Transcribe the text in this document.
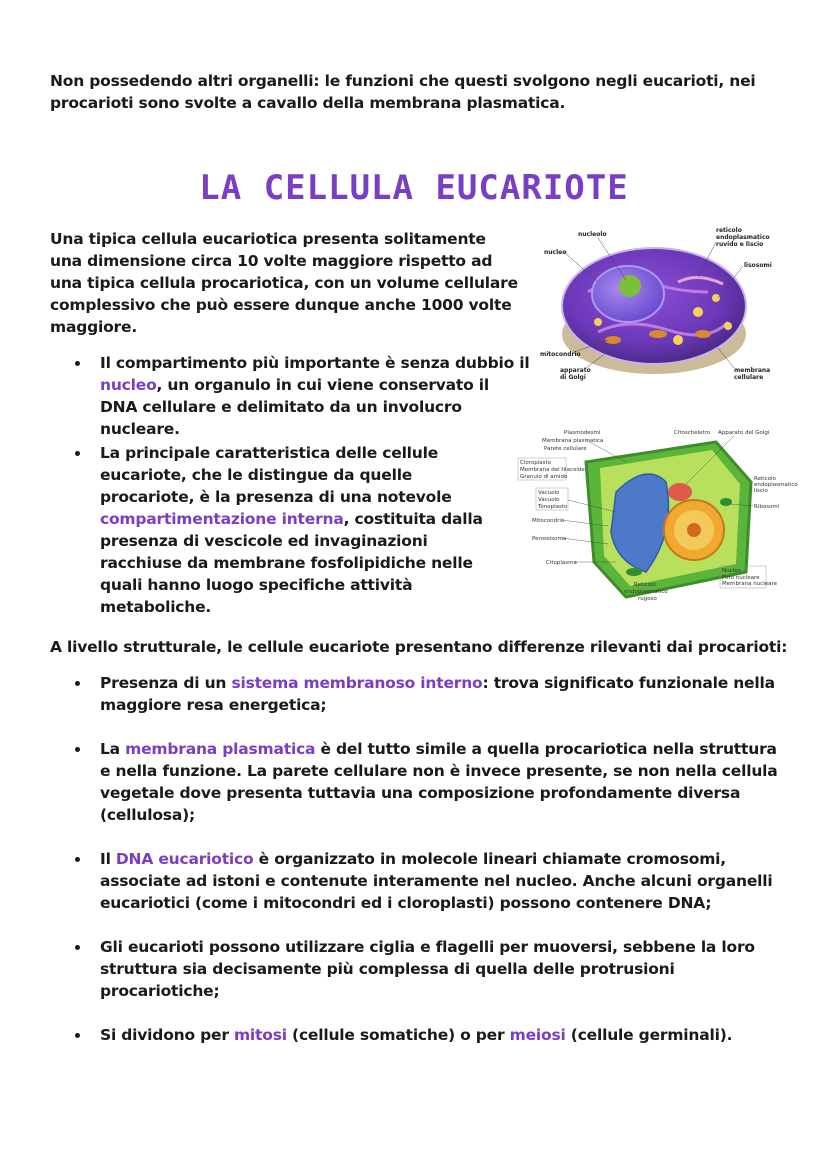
Non possedendo altri organelli: le funzioni che questi svolgono negli eucarioti, nei procarioti sono svolte a cavallo della membrana plasmatica.
LA CELLULA EUCARIOTE
Una tipica cellula eucariotica presenta solitamente una dimensione circa 10 volte maggiore rispetto ad una tipica cellula procariotica, con un volume cellulare complessivo che può essere dunque anche 1000 volte maggiore.
Il compartimento più importante è senza dubbio il nucleo, un organulo in cui viene conservato il DNA cellulare e delimitato da un involucro nucleare.
La principale caratteristica delle cellule eucariote, che le distingue da quelle procariote, è la presenza di una notevole compartimentazione interna, costituita dalla presenza di vescicole ed invaginazioni racchiuse da membrane fosfolipidiche nelle quali hanno luogo specifiche attività metaboliche.
nucleolo
nucleo
reticolo
endoplasmatico
ruvido e liscio
lisosomi
mitocondrio
apparato
di Golgi
membrana
cellulare
Plasmodesmi
Membrana plasmatica
Parete cellulare
Cloroplasto
Membrana del tilacoide
Granulo di amido
Vacuolo
Vacuolo
Tonoplasto
Mitocondrio
Perossisoma
Citoplasma
Citoscheletro Apparato del Golgi
Reticolo
endoplasmatico
liscio
Ribosomi
Nucleo
Poro nucleare
Membrana nucleare
Reticolo
endoplasmatico
rugoso
A livello strutturale, le cellule eucariote presentano differenze rilevanti dai procarioti:
Presenza di un sistema membranoso interno: trova significato funzionale nella maggiore resa energetica;
La membrana plasmatica è del tutto simile a quella procariotica nella struttura e nella funzione. La parete cellulare non è invece presente, se non nella cellula vegetale dove presenta tuttavia una composizione profondamente diversa (cellulosa);
Il DNA eucariotico è organizzato in molecole lineari chiamate cromosomi, associate ad istoni e contenute interamente nel nucleo. Anche alcuni organelli eucariotici (come i mitocondri ed i cloroplasti) possono contenere DNA;
Gli eucarioti possono utilizzare ciglia e flagelli per muoversi, sebbene la loro struttura sia decisamente più complessa di quella delle protrusioni procariotiche;
Si dividono per mitosi (cellule somatiche) o per meiosi (cellule germinali).
